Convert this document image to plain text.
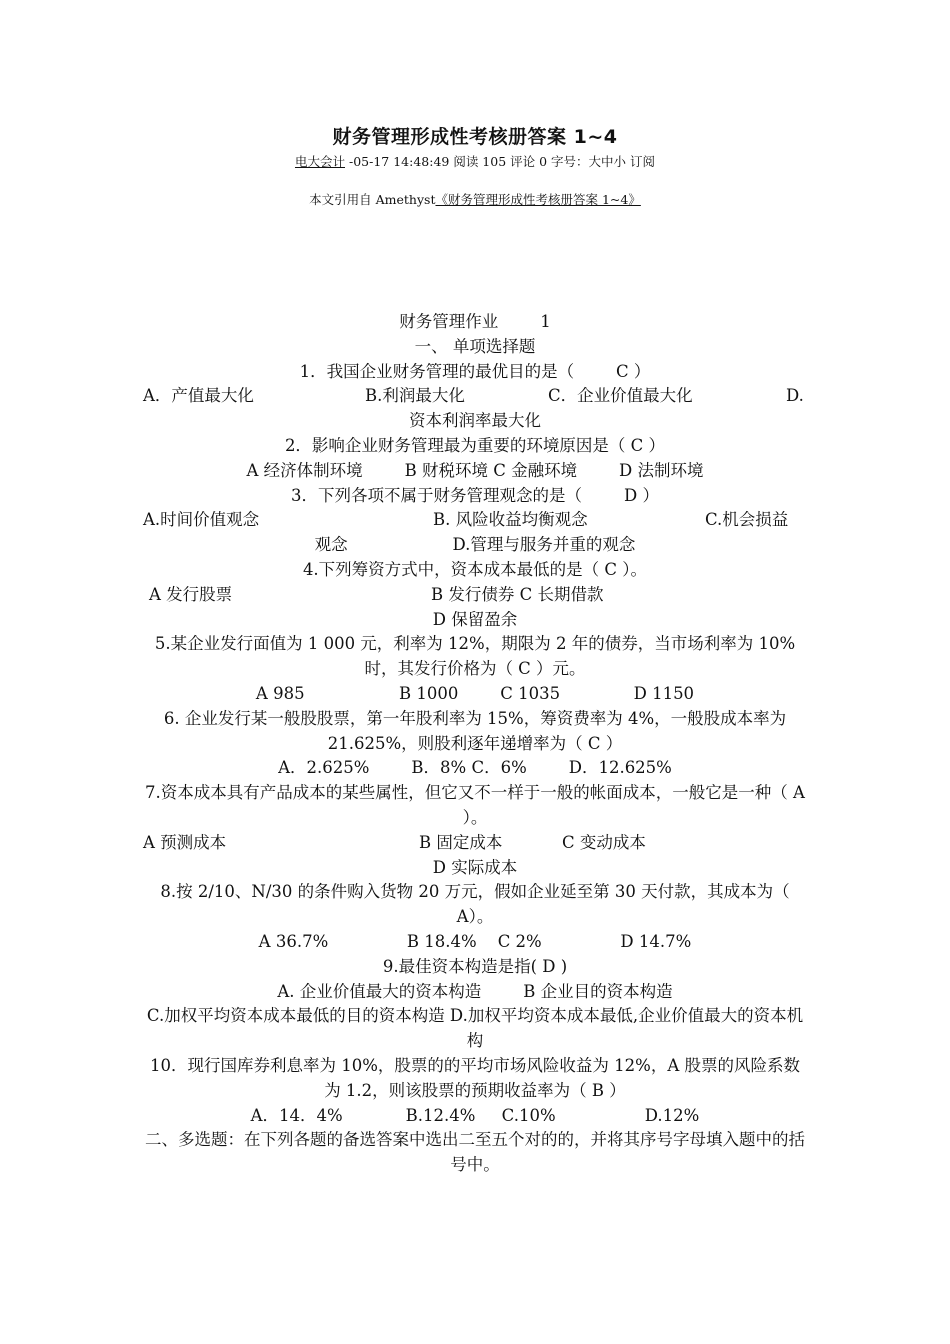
财务管理形成性考核册答案 1~4
电大会计 -05-17 14:48:49 阅读 105 评论 0 字号：大中小 订阅
本文引用自 Amethyst《财务管理形成性考核册答案 1~4》
财务管理作业        1
一、 单项选择题
1．我国企业财务管理的最优目的是（        C ）
A．产值最大化	B.利润最大化	C．企业价值最大化	D.
资本利润率最大化
2．影响企业财务管理最为重要的环境原因是（ C ）
A 经济体制环境        B 财税环境 C 金融环境        D 法制环境
3．下列各项不属于财务管理观念的是（        D ）
A.时间价值观念	B. 风险收益均衡观念	C.机会损益
观念                    D.管理与服务并重的观念
4.下列筹资方式中，资本成本最低的是（ C ）。
A 发行股票	B 发行债券 C 长期借款
D 保留盈余
5.某企业发行面值为 1 000 元，利率为 12%，期限为 2 年的债券，当市场利率为 10%时，其发行价格为（ C ）元。
A 985                  B 1000        C 1035              D 1150
6. 企业发行某一般股股票，第一年股利率为 15%，筹资费率为 4%，一般股成本率为
21.625%，则股利逐年递增率为（ C ）
A．2.625%        B．8% C．6%        D．12.625%
7.资本成本具有产品成本的某些属性，但它又不一样于一般的帐面成本，一般它是一种（ A ）。
A 预测成本	B 固定成本	C 变动成本
D 实际成本
8.按 2/10、N/30 的条件购入货物 20 万元，假如企业延至第 30 天付款，其成本为（ A）。
A 36.7%               B 18.4%    C 2%               D 14.7%
9.最佳资本构造是指( D )
A. 企业价值最大的资本构造        B 企业目的资本构造
C.加权平均资本成本最低的目的资本构造 D.加权平均资本成本最低,企业价值最大的资本机构
10．现行国库券利息率为 10%，股票的的平均市场风险收益为 12%，A 股票的风险系数为 1.2，则该股票的预期收益率为（ B ）
A．14．4%            B.12.4%     C.10%                 D.12%
二、多选题：在下列各题的备选答案中选出二至五个对的的，并将其序号字母填入题中的括号中。
